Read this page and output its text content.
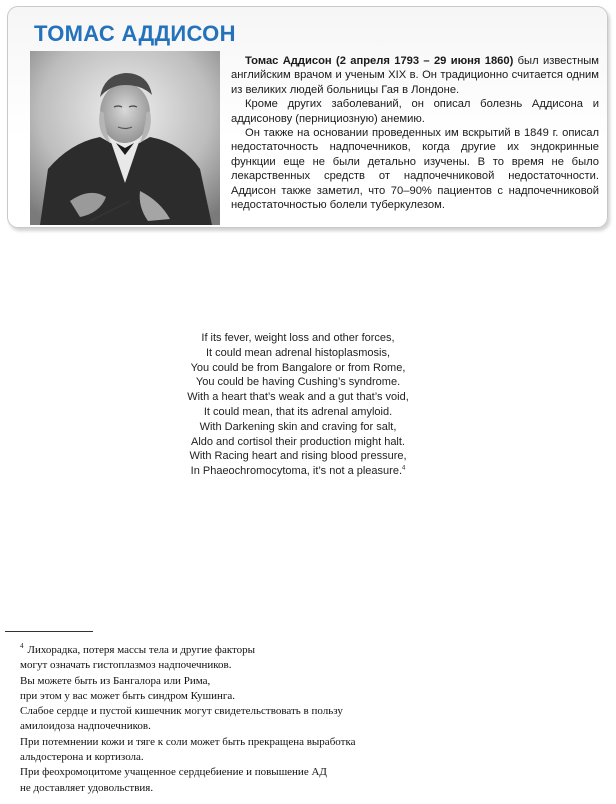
ТОМАС АДДИСОН

Томас Аддисон (2 апреля 1793 – 29 июня 1860) был известным английским врачом и ученым XIX в. Он традиционно считается одним из великих людей больницы Гая в Лондоне.

Кроме других заболеваний, он описал болезнь Аддисона и аддисонову (пернициозную) анемию.

Он также на основании проведенных им вскрытий в 1849 г. описал недостаточность надпочечников, когда другие их эндокринные функции еще не были детально изучены. В то время не было лекарственных средств от надпочечниковой недостаточности. Аддисон также заметил, что 70–90% пациентов с надпочечниковой недостаточностью болели туберкулезом.

If its fever, weight loss and other forces,
It could mean adrenal histoplasmosis,
You could be from Bangalore or from Rome,
You could be having Cushing’s syndrome.
With a heart that’s weak and a gut that’s void,
It could mean, that its adrenal amyloid.
With Darkening skin and craving for salt,
Aldo and cortisol their production might halt.
With Racing heart and rising blood pressure,
In Phaeochromocytoma, it’s not a pleasure.$^4$
$^4$ Лихорадка, потеря массы тела и другие факторы
могут означать гистоплазмоз надпочечников.
Вы можете быть из Бангалора или Рима,
при этом у вас может быть синдром Кушинга.
Слабое сердце и пустой кишечник могут свидетельствовать в пользу
амилоидоза надпочечников.
При потемнении кожи и тяге к соли может быть прекращена выработка
альдостерона и кортизола.
При феохромоцитоме учащенное сердцебиение и повышение АД
не доставляет удовольствия.
